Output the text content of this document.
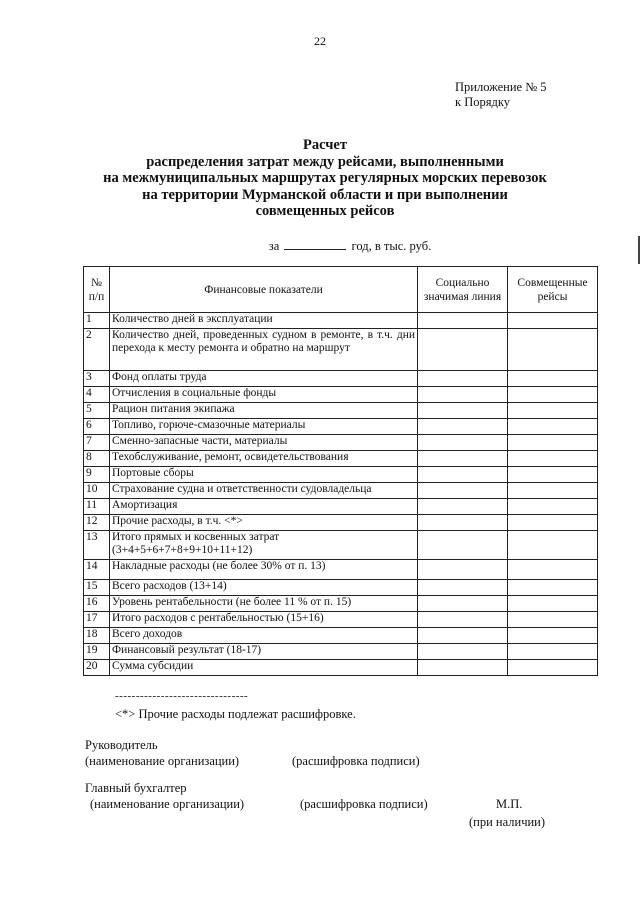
22
Приложение № 5
к Порядку
Расчет
распределения затрат между рейсами, выполненными
на межмуниципальных маршрутах регулярных морских перевозок
на территории Мурманской области и при выполнении
совмещенных рейсов
за	год, в тыс. руб.
№ п/п	Финансовые показатели	Социально значимая линия	Совмещенные рейсы
1	Количество дней в эксплуатации		
2	Количество дней, проведенных судном в ремонте, в т.ч. дни перехода к месту ремонта и обратно на маршрут		
3	Фонд оплаты труда		
4	Отчисления в социальные фонды		
5	Рацион питания экипажа		
6	Топливо, горюче-смазочные материалы		
7	Сменно-запасные части, материалы		
8	Техобслуживание, ремонт, освидетельствования		
9	Портовые сборы		
10	Страхование судна и ответственности судовладельца		
11	Амортизация		
12	Прочие расходы, в т.ч. <*>		
13	Итого прямых и косвенных затрат (3+4+5+6+7+8+9+10+11+12)		
14	Накладные расходы (не более 30% от п. 13)		
15	Всего расходов (13+14)		
16	Уровень рентабельности (не более 11 % от п. 15)		
17	Итого расходов с рентабельностью (15+16)		
18	Всего доходов		
19	Финансовый результат (18-17)		
20	Сумма субсидии		
--------------------------------
<*> Прочие расходы подлежат расшифровке.
Руководитель
(наименование организации)	(расшифровка подписи)
Главный бухгалтер
(наименование организации)	(расшифровка подписи)	М.П.
(при наличии)
